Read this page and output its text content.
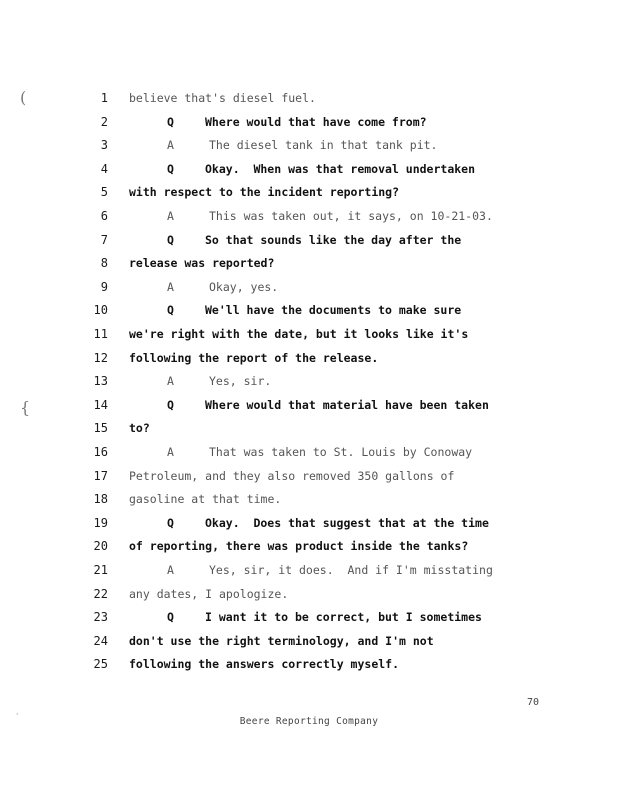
(
{
·
1 believe that's diesel fuel.
2	Q	Where would that have come from?
3	A	The diesel tank in that tank pit.
4	Q	Okay.  When was that removal undertaken
5 with respect to the incident reporting?
6	A	This was taken out, it says, on 10-21-03.
7	Q	So that sounds like the day after the
8 release was reported?
9	A	Okay, yes.
10	Q	We'll have the documents to make sure
11 we're right with the date, but it looks like it's
12 following the report of the release.
13	A	Yes, sir.
14	Q	Where would that material have been taken
15 to?
16	A	That was taken to St. Louis by Conoway
17 Petroleum, and they also removed 350 gallons of
18 gasoline at that time.
19	Q	Okay.  Does that suggest that at the time
20 of reporting, there was product inside the tanks?
21	A	Yes, sir, it does.  And if I'm misstating
22 any dates, I apologize.
23	Q	I want it to be correct, but I sometimes
24 don't use the right terminology, and I'm not
25 following the answers correctly myself.
70
Beere Reporting Company
